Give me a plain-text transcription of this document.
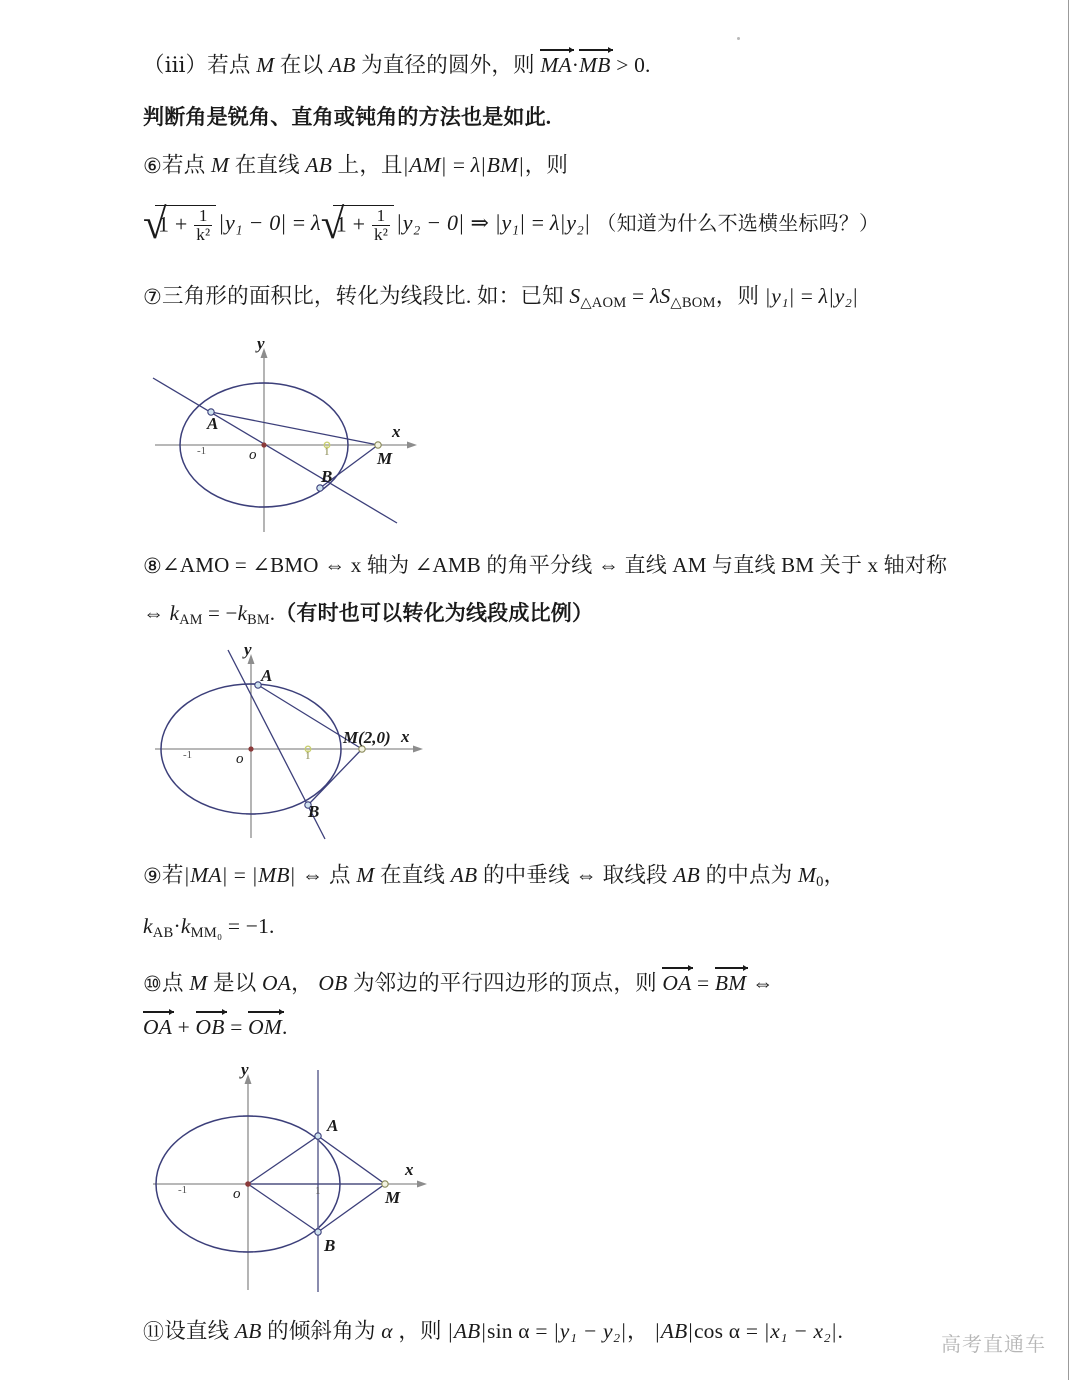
（ⅲ）若点 M 在以 AB 为直径的圆外，则 MA·MB > 0.
判断角是锐角、直角或钝角的方法也是如此.
⑥若点 M 在直线 AB 上，且|AM| = λ|BM|，则
√
$1 + \frac{1}{\text{k²}} |y_1 - 0| = \lambda$ √
$1 + \frac{1}{\text{k²}} |y_2 - 0|$ ⇒ |y₁| = λ|y₂| （知道为什么不选横坐标吗？）
⑦三角形的面积比，转化为线段比. 如：已知 $S_{\triangle AOM} = \lambda S_{\triangle BOM}$，则 |y₁| = λ|y₂|
x
y
o
-1	1
A
B
M
⑧∠AMO = ∠BMO ⇔ x 轴为 ∠AMB 的角平分线 ⇔ 直线 AM 与直线 BM 关于 x 轴对称
⇔ $k_{AM} = -k_{BM}$.（有时也可以转化为线段成比例）
x
y
o
-1	1
A
B
M(2,0)
⑨若|MA| = |MB| ⇔ 点 M 在直线 AB 的中垂线 ⇔ 取线段 AB 的中点为 $M_0$，
$k_{AB}\cdot k_{MM_0} = -1$.
⑩点 M 是以 OA， OB 为邻边的平行四边形的顶点，则 OA = BM ⇔
OA + OB = OM.
x
y
o
-1	1
A
B
M
⑪设直线 AB 的倾斜角为 α ，则 |AB|sin α = |y₁ − y₂|， |AB|cos α = |x₁ − x₂|.
高考直通车
